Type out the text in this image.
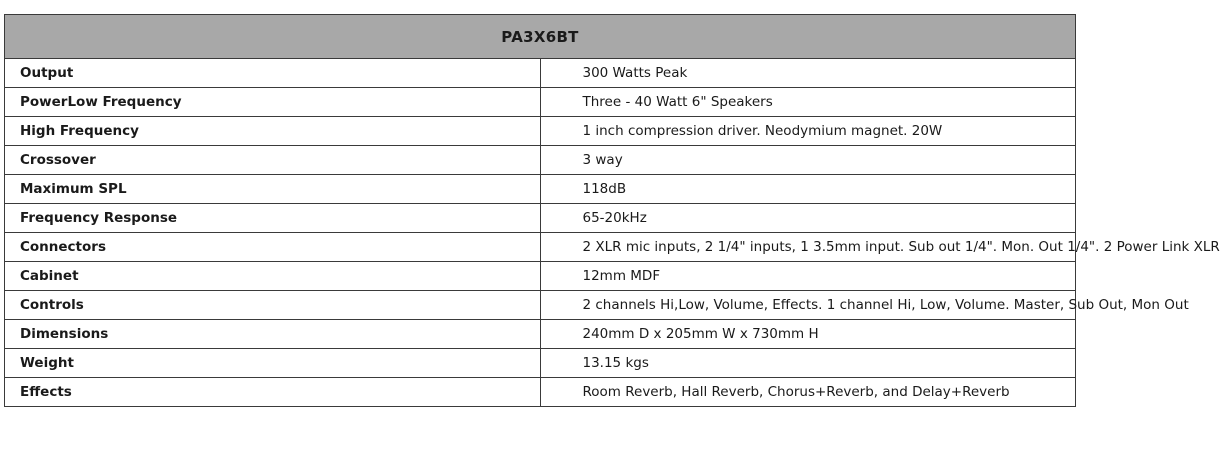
PA3X6BT	
Output	300 Watts Peak
PowerLow Frequency	Three - 40 Watt 6" Speakers
High Frequency	1 inch compression driver. Neodymium magnet. 20W
Crossover	3 way
Maximum SPL	118dB
Frequency Response	65-20kHz
Connectors	2 XLR mic inputs, 2 1/4" inputs, 1 3.5mm input. Sub out 1/4". Mon. Out 1/4". 2 Power Link XLR
Cabinet	12mm MDF
Controls	2 channels Hi,Low, Volume, Effects. 1 channel Hi, Low, Volume. Master, Sub Out, Mon Out
Dimensions	240mm D x 205mm W x 730mm H
Weight	13.15 kgs
Effects	Room Reverb, Hall Reverb, Chorus+Reverb, and Delay+Reverb
